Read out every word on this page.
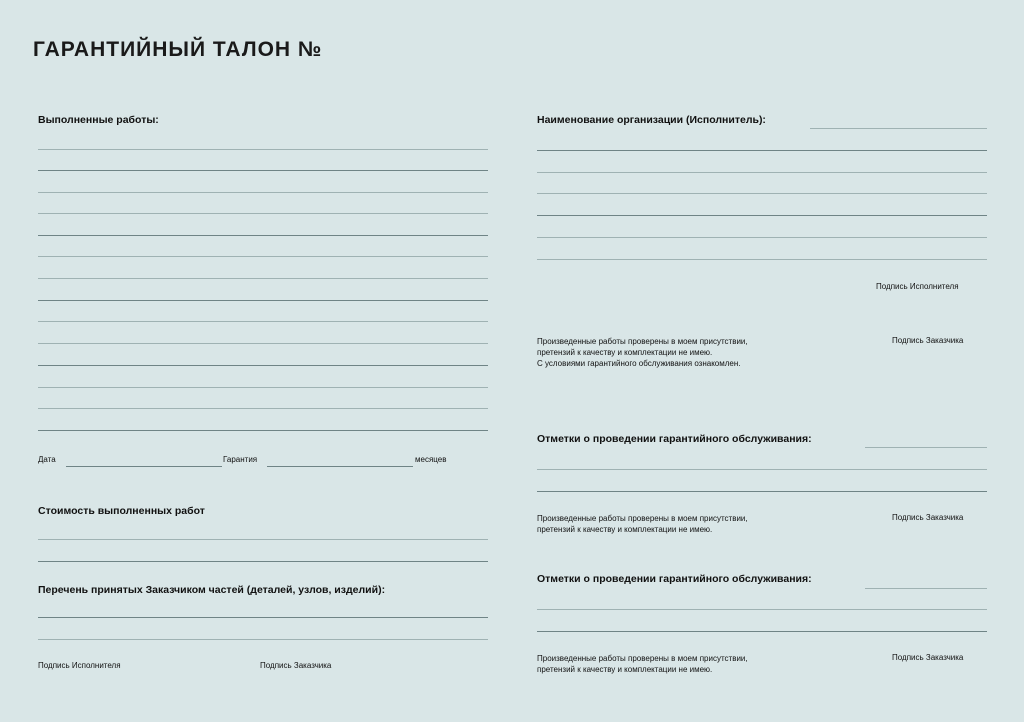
ГАРАНТИЙНЫЙ ТАЛОН №
Выполненные работы:
Дата	Гарантия	месяцев
Стоимость выполненных работ
Перечень принятых Заказчиком частей (деталей, узлов, изделий):
Подпись Исполнителя	Подпись Заказчика
Наименование организации (Исполнитель):
Подпись Исполнителя
Произведенные работы проверены в моем присутствии,
претензий к качеству и комплектации не имею.
С условиями гарантийного обслуживания ознакомлен.
Подпись Заказчика
Отметки о проведении гарантийного обслуживания:
Произведенные работы проверены в моем присутствии,
претензий к качеству и комплектации не имею.
Подпись Заказчика
Отметки о проведении гарантийного обслуживания:
Произведенные работы проверены в моем присутствии,
претензий к качеству и комплектации не имею.
Подпись Заказчика
